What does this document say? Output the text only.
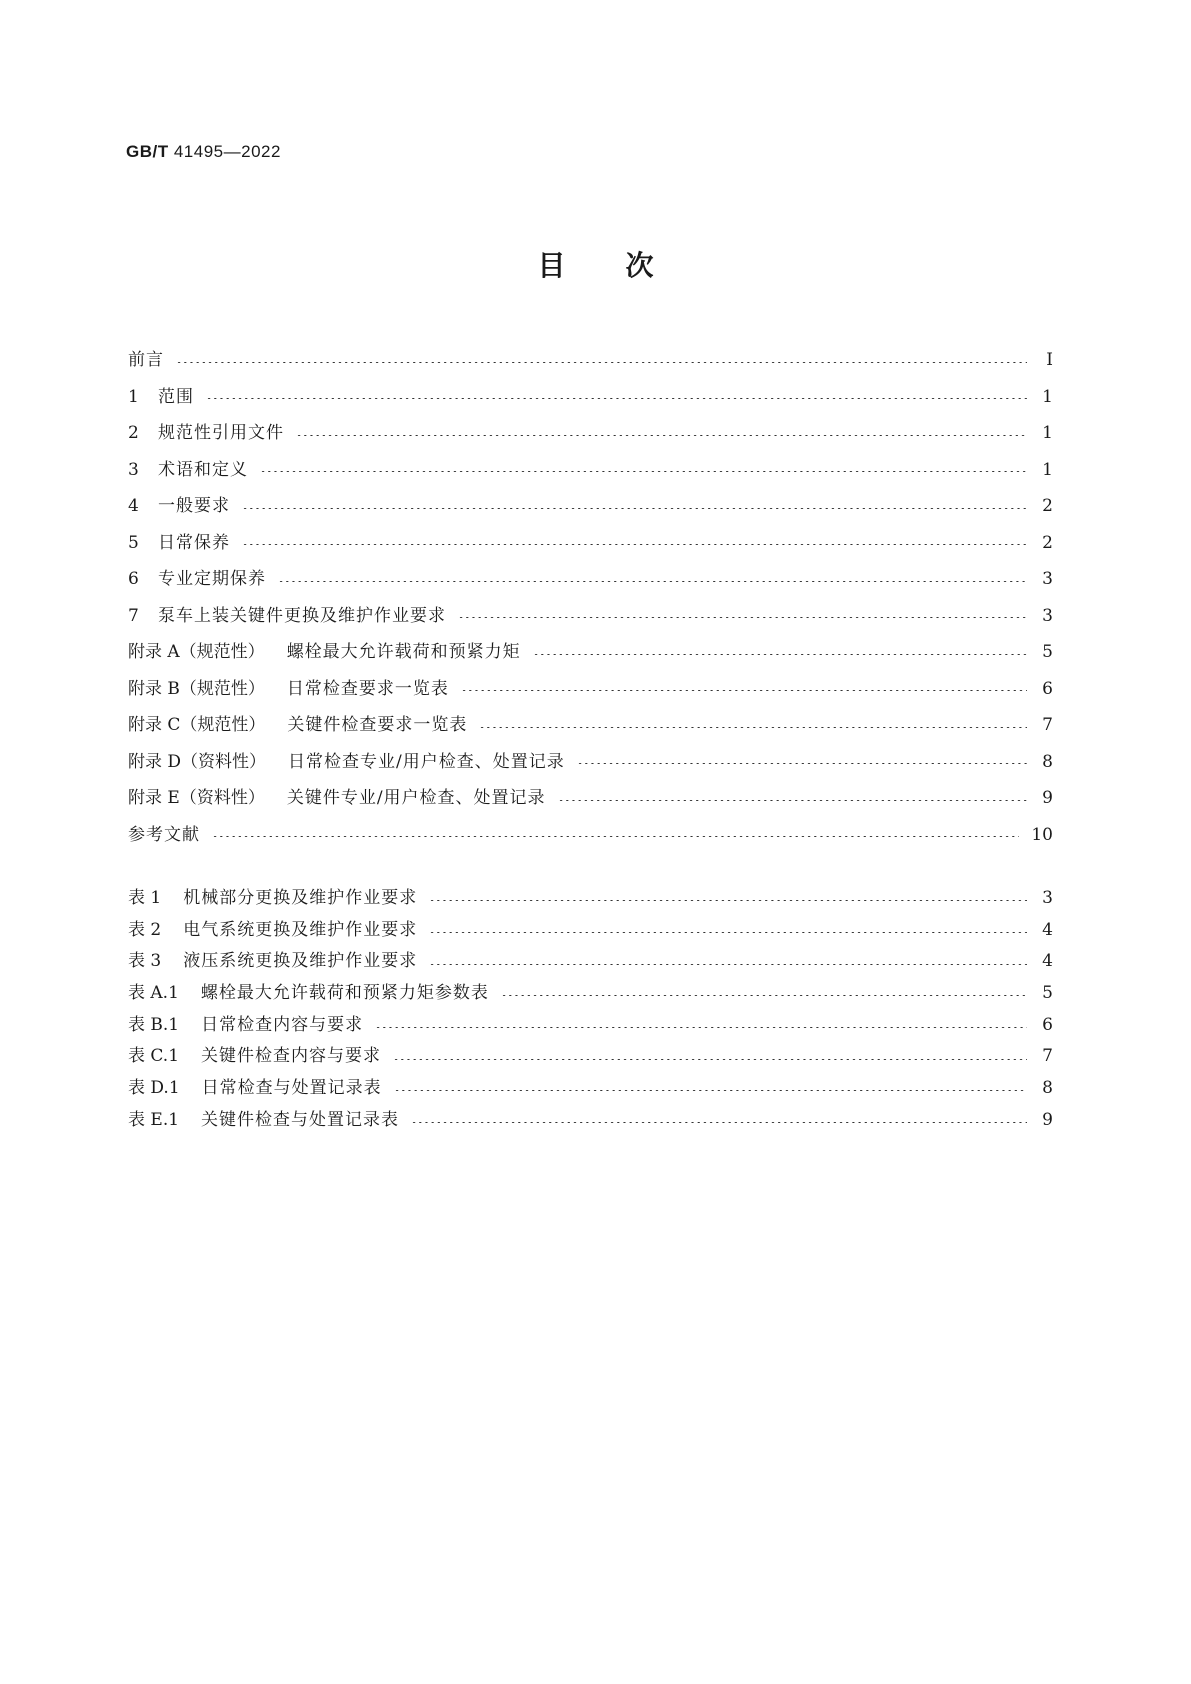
GB/T 41495—2022
目次
前言	Ⅰ
1	范围	1
2	规范性引用文件	1
3	术语和定义	1
4	一般要求	2
5	日常保养	2
6	专业定期保养	3
7	泵车上装关键件更换及维护作业要求	3
附录 A（规范性） 螺栓最大允许载荷和预紧力矩	5
附录 B（规范性） 日常检查要求一览表	6
附录 C（规范性） 关键件检查要求一览表	7
附录 D（资料性） 日常检查专业/用户检查、处置记录	8
附录 E（资料性） 关键件专业/用户检查、处置记录	9
参考文献	10
表 1 机械部分更换及维护作业要求	3
表 2 电气系统更换及维护作业要求	4
表 3 液压系统更换及维护作业要求	4
表 A.1 螺栓最大允许载荷和预紧力矩参数表	5
表 B.1 日常检查内容与要求	6
表 C.1 关键件检查内容与要求	7
表 D.1 日常检查与处置记录表	8
表 E.1 关键件检查与处置记录表	9
